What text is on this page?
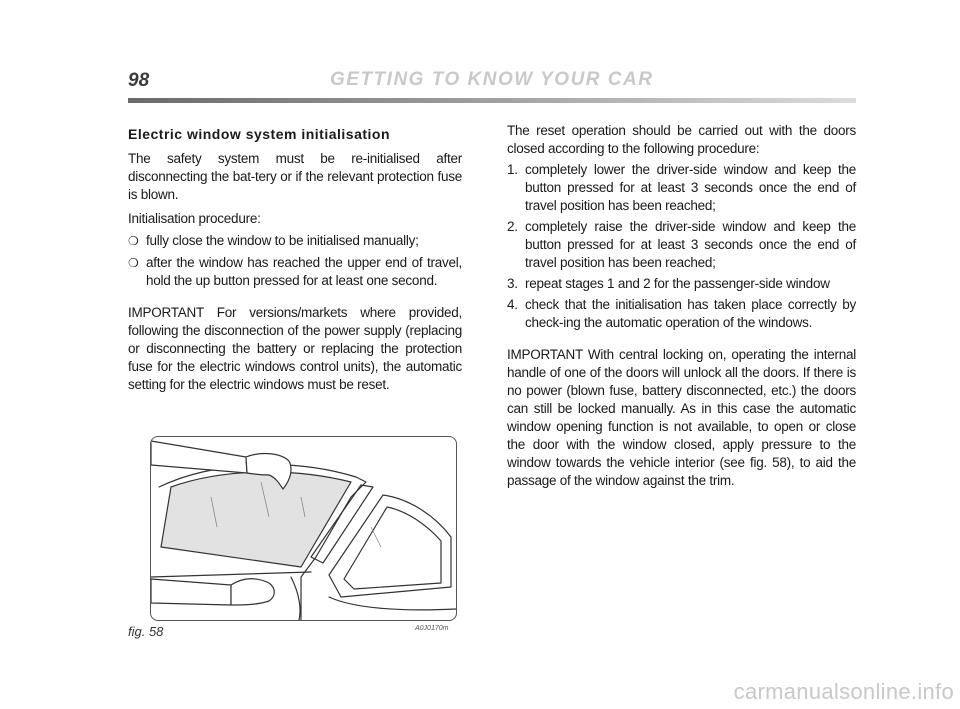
98	GETTING TO KNOW YOUR CAR
Electric window system initialisation

The safety system must be re-initialised after disconnecting the bat-tery or if the relevant protection fuse is blown.

Initialisation procedure:

❍ fully close the window to be initialised manually;
❍ after the window has reached the upper end of travel, hold the up button pressed for at least one second.

IMPORTANT For versions/markets where provided, following the disconnection of the power supply (replacing or disconnecting the battery or replacing the protection fuse for the electric windows control units), the automatic setting for the electric windows must be reset.

The reset operation should be carried out with the doors closed according to the following procedure:

1. completely lower the driver-side window and keep the button pressed for at least 3 seconds once the end of travel position has been reached;
2. completely raise the driver-side window and keep the button pressed for at least 3 seconds once the end of travel position has been reached;
3. repeat stages 1 and 2 for the passenger-side window
4. check that the initialisation has taken place correctly by check-ing the automatic operation of the windows.

IMPORTANT With central locking on, operating the internal handle of one of the doors will unlock all the doors. If there is no power (blown fuse, battery disconnected, etc.) the doors can still be locked manually. As in this case the automatic window opening function is not available, to open or close the door with the window closed, apply pressure to the window towards the vehicle interior (see fig. 58), to aid the passage of the window against the trim.

fig. 58	A0J0170m
carmanualsonline.info
